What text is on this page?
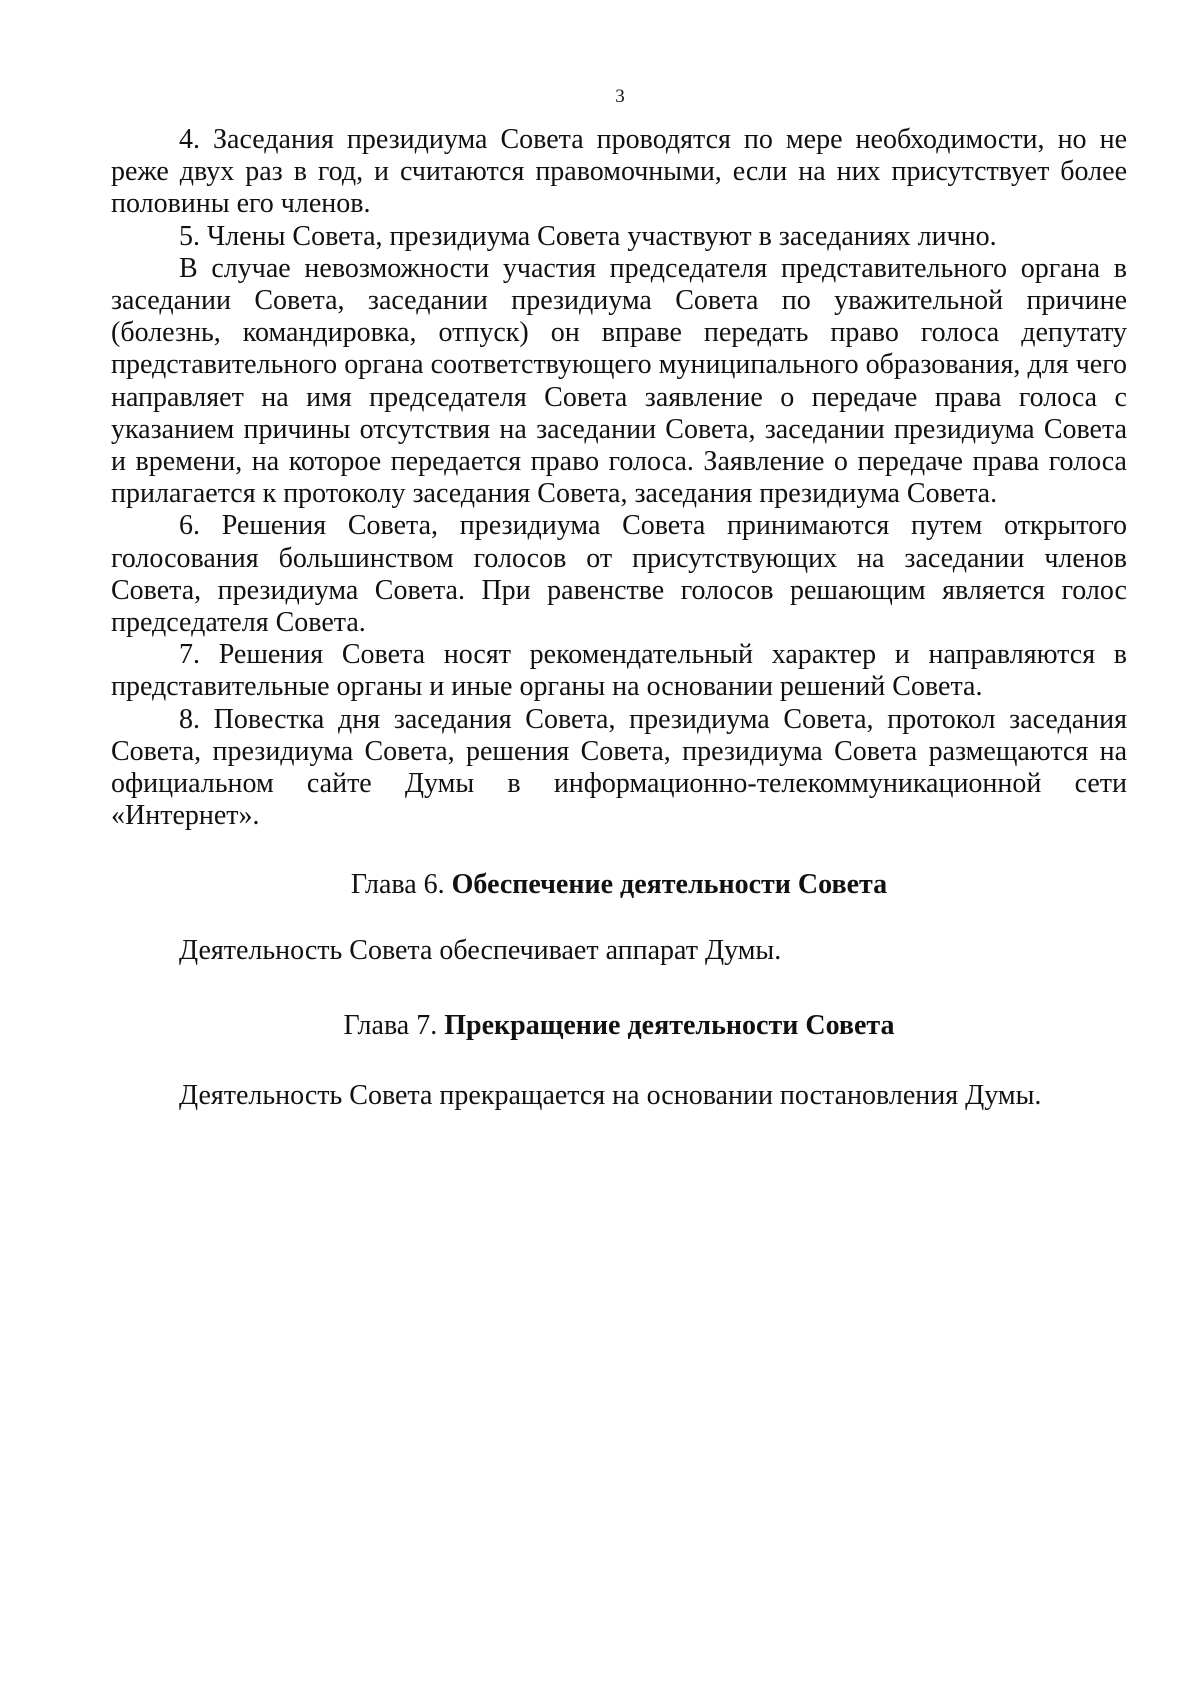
3

4. Заседания президиума Совета проводятся по мере необходимости, но не реже двух раз в год, и считаются правомочными, если на них присутствует более половины его членов.

5. Члены Совета, президиума Совета участвуют в заседаниях лично.

В случае невозможности участия председателя представительного органа в заседании Совета, заседании президиума Совета по уважительной причине (болезнь, командировка, отпуск) он вправе передать право голоса депутату представительного органа соответствующего муниципального образования, для чего направляет на имя председателя Совета заявление о передаче права голоса с указанием причины отсутствия на заседании Совета, заседании президиума Совета и времени, на которое передается право голоса. Заявление о передаче права голоса прилагается к протоколу заседания Совета, заседания президиума Совета.

6. Решения Совета, президиума Совета принимаются путем открытого голосования большинством голосов от присутствующих на заседании членов Совета, президиума Совета. При равенстве голосов решающим является голос председателя Совета.

7. Решения Совета носят рекомендательный характер и направляются в представительные органы и иные органы на основании решений Совета.

8. Повестка дня заседания Совета, президиума Совета, протокол заседания Совета, президиума Совета, решения Совета, президиума Совета размещаются на официальном сайте Думы в информационно-телекоммуникационной сети «Интернет».

Глава 6. Обеспечение деятельности Совета

Деятельность Совета обеспечивает аппарат Думы.

Глава 7. Прекращение деятельности Совета

Деятельность Совета прекращается на основании постановления Думы.
